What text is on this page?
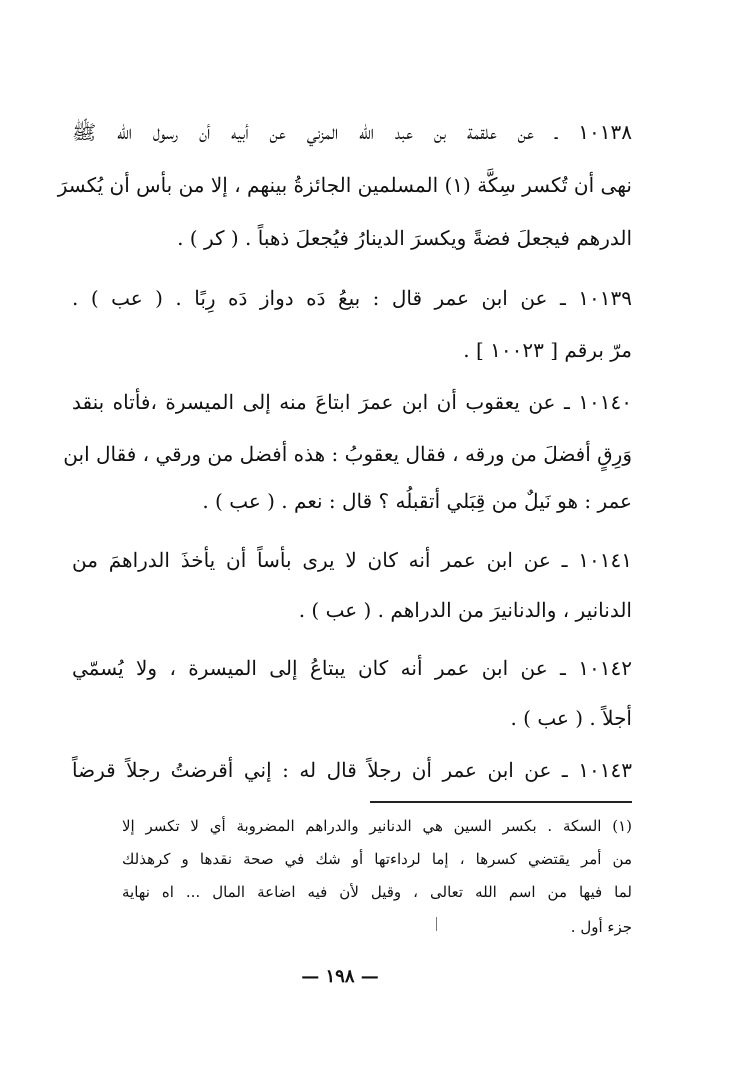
١٠١٣٨ ـ عن علقمة بن عبد الله المزني عن أبيه أن رسول الله ﷺ
نهى أن تُكسر سِكَّة (١) المسلمين الجائزةُ بينهم ، إلا من بأس أن يُكسرَ
الدرهم فيجعلَ فضةً ويكسرَ الدينارُ فيُجعلَ ذهباً . ( كر ) .
١٠١٣٩ ـ عن ابن عمر قال : بيعُ دَه دواز دَه رِبًا . ( عب ) .
مرّ برقم [ ١٠٠٢٣ ] .
١٠١٤٠ ـ عن يعقوب أن ابن عمرَ ابتاعَ منه إلى الميسرة ،فأتاه بنقد
وَرِقٍ أفضلَ من ورقه ، فقال يعقوبُ : هذه أفضل من ورقي ، فقال ابن
عمر : هو نَيلٌ من قِبَلي أتقبلُه ؟ قال : نعم . ( عب ) .
١٠١٤١ ـ عن ابن عمر أنه كان لا يرى بأساً أن يأخذَ الدراهمَ من
الدنانير ، والدنانيرَ من الدراهم . ( عب ) .
١٠١٤٢ ـ عن ابن عمر أنه كان يبتاعُ إلى الميسرة ، ولا يُسمّي
أجلاً . ( عب ) .
١٠١٤٣ ـ عن ابن عمر أن رجلاً قال له : إني أقرضتُ رجلاً قرضاً
(١) السكة . بكسر السين هي الدنانير والدراهم المضروبة أي لا تكسر إلا
من أمر يقتضي كسرها ، إما لرداءتها أو شك في صحة نقدها و كرهذلك
لما فيها من اسم الله تعالى ، وقيل لأن فيه اضاعة المال ... اه نهاية
جزء أول .
— ١٩٨ —
